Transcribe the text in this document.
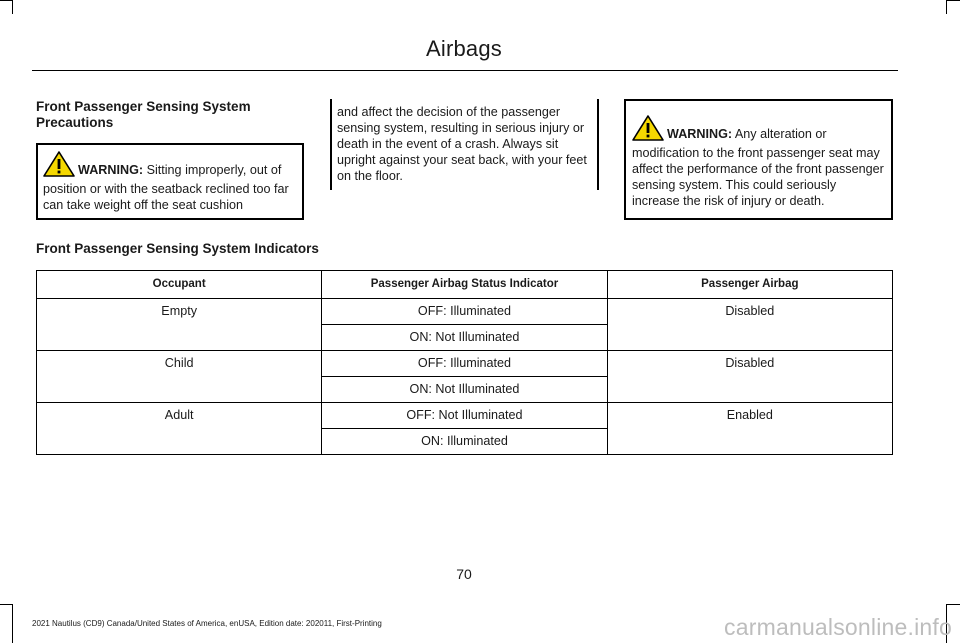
Airbags
Front Passenger Sensing System Precautions

WARNING: Sitting improperly, out of position or with the seatback reclined too far can take weight off the seat cushion

and affect the decision of the passenger sensing system, resulting in serious injury or death in the event of a crash. Always sit upright against your seat back, with your feet on the floor.

WARNING: Any alteration or modification to the front passenger seat may affect the performance of the front passenger sensing system. This could seriously increase the risk of injury or death.

Front Passenger Sensing System Indicators
Occupant	Passenger Airbag Status Indicator	Passenger Airbag
Empty	OFF: Illuminated	Disabled
	ON: Not Illuminated	
Child	OFF: Illuminated	Disabled
	ON: Not Illuminated	
Adult	OFF: Not Illuminated	Enabled
	ON: Illuminated	
70
2021 Nautilus (CD9) Canada/United States of America, enUSA, Edition date: 202011, First-Printing	carmanualsonline.info
